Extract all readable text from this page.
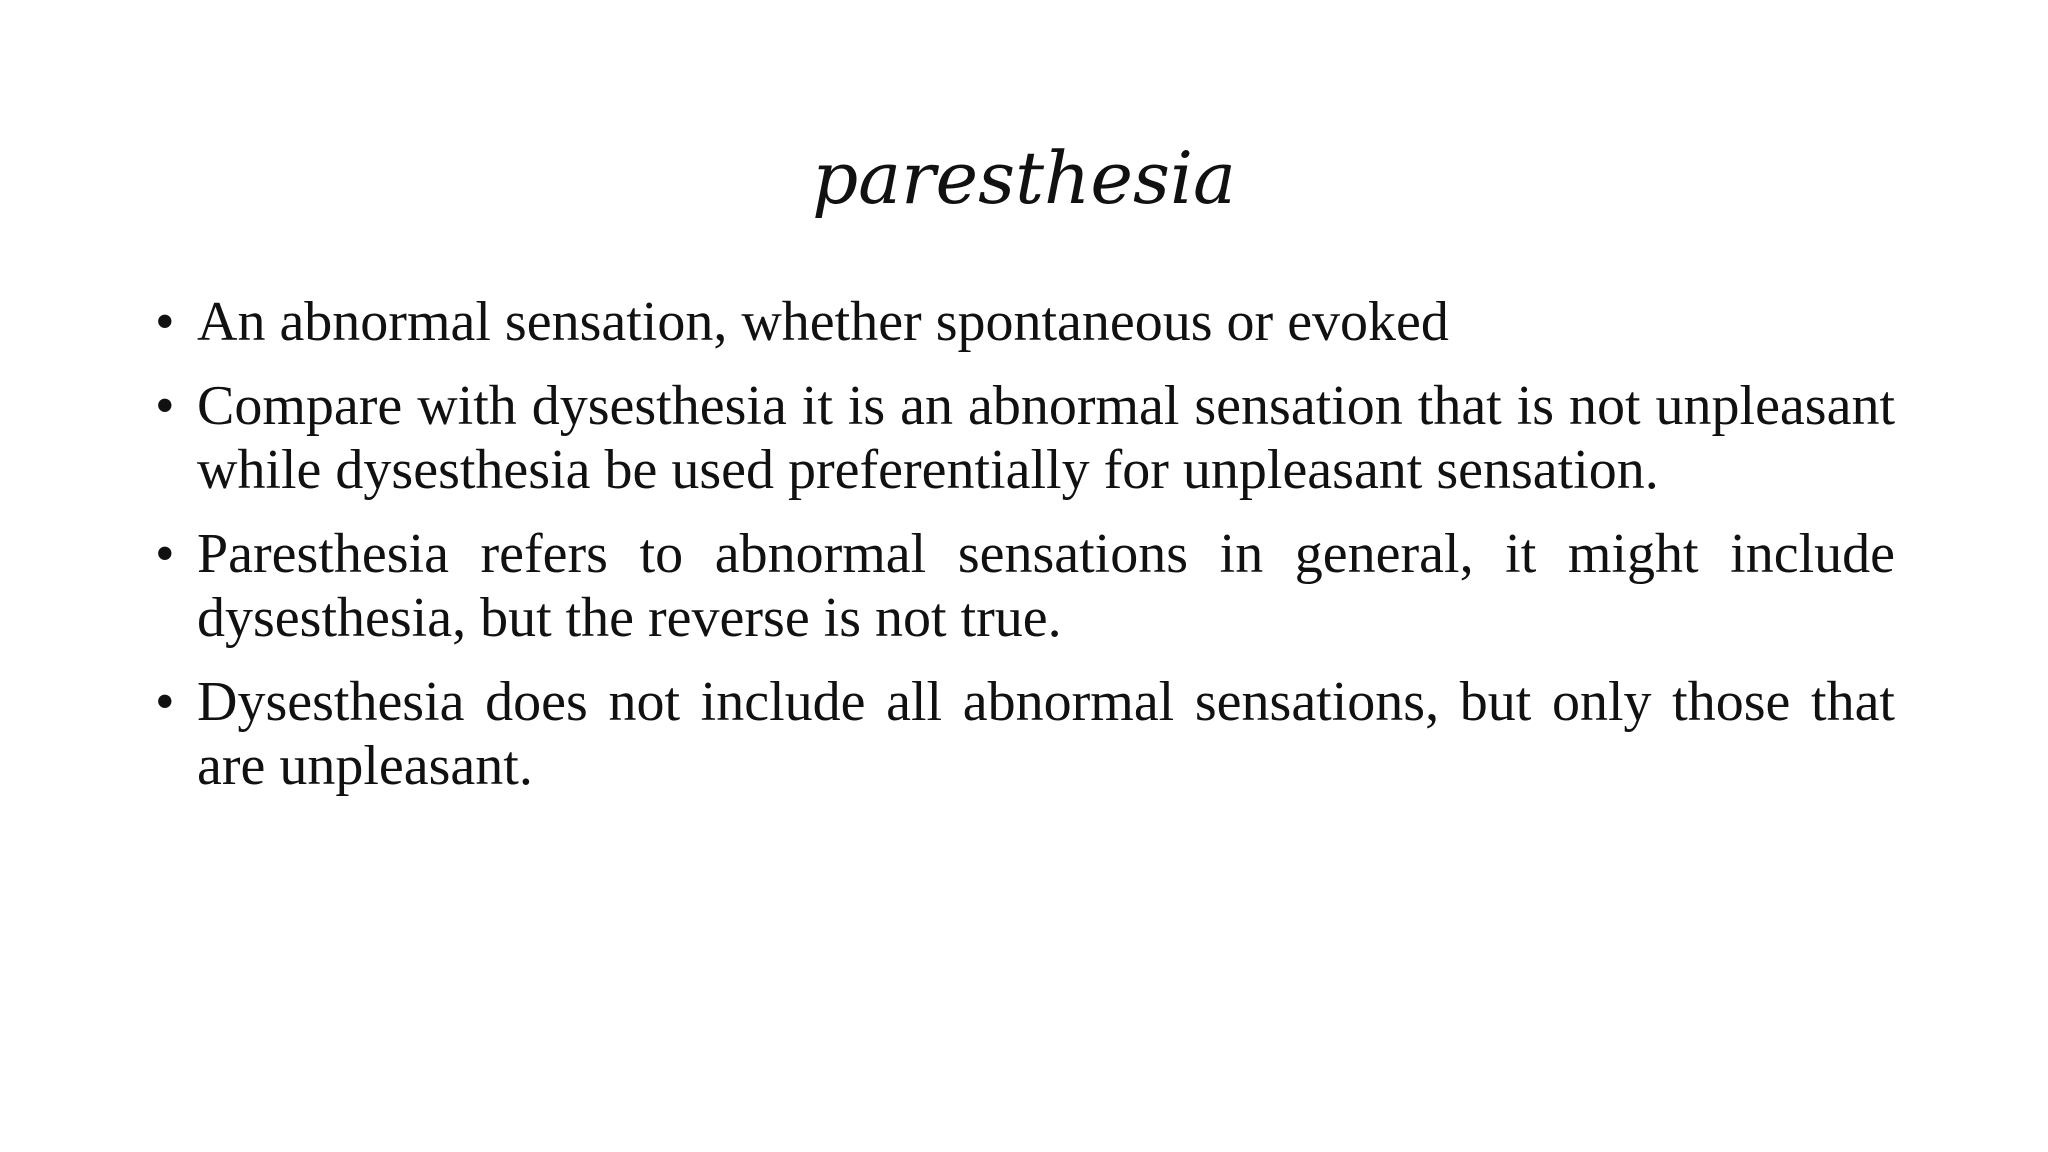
paresthesia
• An abnormal sensation, whether spontaneous or evoked
• Compare with dysesthesia it is an abnormal sensation that is not unpleasant while dysesthesia be used preferentially for unpleasant sensation.
• Paresthesia refers to abnormal sensations in general, it might include dysesthesia, but the reverse is not true.
• Dysesthesia does not include all abnormal sensations, but only those that are unpleasant.
